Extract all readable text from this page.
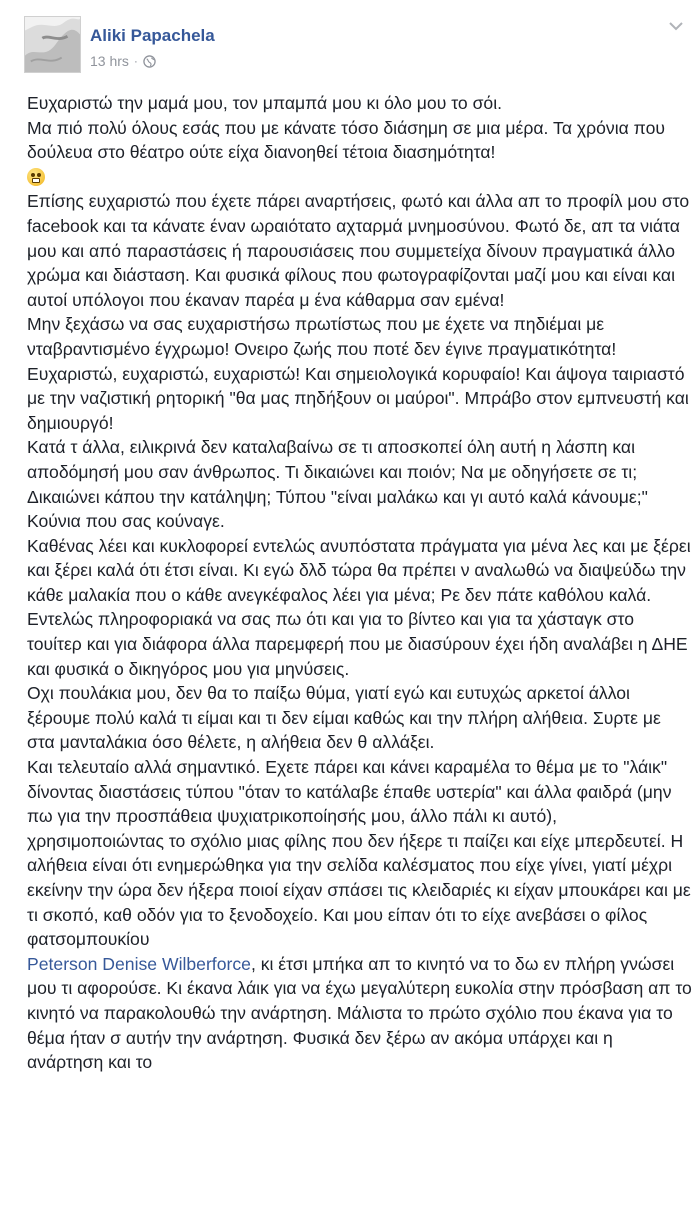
Aliki Papachela
13 hrs ·

Ευχαριστώ την μαμά μου, τον μπαμπά μου κι όλο μου το σόι.

Μα πιό πολύ όλους εσάς που με κάνατε τόσο διάσημη σε μια μέρα. Τα χρόνια που δούλευα στο θέατρο ούτε είχα διανοηθεί τέτοια διασημότητα!

Επίσης ευχαριστώ που έχετε πάρει αναρτήσεις, φωτό και άλλα απ το προφίλ μου στο facebook και τα κάνατε έναν ωραιότατο αχταρμά μνημοσύνου. Φωτό δε, απ τα νιάτα μου και από παραστάσεις ή παρουσιάσεις που συμμετείχα δίνουν πραγματικά άλλο χρώμα και διάσταση. Και φυσικά φίλους που φωτογραφίζονται μαζί μου και είναι και αυτοί υπόλογοι που έκαναν παρέα μ ένα κάθαρμα σαν εμένα!

Μην ξεχάσω να σας ευχαριστήσω πρωτίστως που με έχετε να πηδιέμαι με νταβραντισμένο έγχρωμο! Ονειρο ζωής που ποτέ δεν έγινε πραγματικότητα! Ευχαριστώ, ευχαριστώ, ευχαριστώ! Και σημειολογικά κορυφαίο! Και άψογα ταιριαστό με την ναζιστική ρητορική "θα μας πηδήξουν οι μαύροι". Μπράβο στον εμπνευστή και δημιουργό!

Κατά τ άλλα, ειλικρινά δεν καταλαβαίνω σε τι αποσκοπεί όλη αυτή η λάσπη και αποδόμησή μου σαν άνθρωπος. Τι δικαιώνει και ποιόν; Να με οδηγήσετε σε τι; Δικαιώνει κάπου την κατάληψη; Τύπου "είναι μαλάκω και γι αυτό καλά κάνουμε;"

Κούνια που σας κούναγε.

Καθένας λέει και κυκλοφορεί εντελώς ανυπόστατα πράγματα για μένα λες και με ξέρει και ξέρει καλά ότι έτσι είναι. Κι εγώ δλδ τώρα θα πρέπει ν αναλωθώ να διαψεύδω την κάθε μαλακία που ο κάθε ανεγκέφαλος λέει για μένα; Ρε δεν πάτε καθόλου καλά.

Εντελώς πληροφοριακά να σας πω ότι και για το βίντεο και για τα χάσταγκ στο τουίτερ και για διάφορα άλλα παρεμφερή που με διασύρουν έχει ήδη αναλάβει η ΔΗΕ και φυσικά ο δικηγόρος μου για μηνύσεις.

Οχι πουλάκια μου, δεν θα το παίξω θύμα, γιατί εγώ και ευτυχώς αρκετοί άλλοι ξέρουμε πολύ καλά τι είμαι και τι δεν είμαι καθώς και την πλήρη αλήθεια. Συρτε με στα μανταλάκια όσο θέλετε, η αλήθεια δεν θ αλλάξει.

Και τελευταίο αλλά σημαντικό. Εχετε πάρει και κάνει καραμέλα το θέμα με το "λάικ" δίνοντας διαστάσεις τύπου "όταν το κατάλαβε έπαθε υστερία" και άλλα φαιδρά (μην πω για την προσπάθεια ψυχιατρικοποίησής μου, άλλο πάλι κι αυτό), χρησιμοποιώντας το σχόλιο μιας φίλης που δεν ήξερε τι παίζει και είχε μπερδευτεί. Η αλήθεια είναι ότι ενημερώθηκα για την σελίδα καλέσματος που είχε γίνει, γιατί μέχρι εκείνην την ώρα δεν ήξερα ποιοί είχαν σπάσει τις κλειδαριές κι είχαν μπουκάρει και με τι σκοπό, καθ οδόν για το ξενοδοχείο. Και μου είπαν ότι το είχε ανεβάσει ο φίλος φατσομπουκίου
Peterson Denise Wilberforce, κι έτσι μπήκα απ το κινητό να το δω εν πλήρη γνώσει μου τι αφορούσε. Κι έκανα λάικ για να έχω μεγαλύτερη ευκολία στην πρόσβαση απ το κινητό να παρακολουθώ την ανάρτηση. Μάλιστα το πρώτο σχόλιο που έκανα για το θέμα ήταν σ αυτήν την ανάρτηση. Φυσικά δεν ξέρω αν ακόμα υπάρχει και η ανάρτηση και το
